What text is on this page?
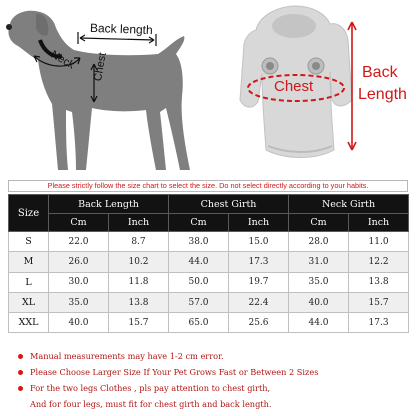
Back length
Neck Chest
Chest
Back
Length
Please strictly follow the size chart to select the size. Do not select directly according to your habits.
Size	Back Length		Chest Girth		Neck Girth	
	Cm	Inch	Cm	Inch	Cm	Inch
S	22.0	8.7	38.0	15.0	28.0	11.0
M	26.0	10.2	44.0	17.3	31.0	12.2
L	30.0	11.8	50.0	19.7	35.0	13.8
XL	35.0	13.8	57.0	22.4	40.0	15.7
XXL	40.0	15.7	65.0	25.6	44.0	17.3
Manual measurements may have 1-2 cm error.
Please Choose Larger Size If Your Pet Grows Fast or Between 2 Sizes
For the two legs Clothes , pls pay attention to chest girth,
And for four legs, must fit for chest girth and back length.
